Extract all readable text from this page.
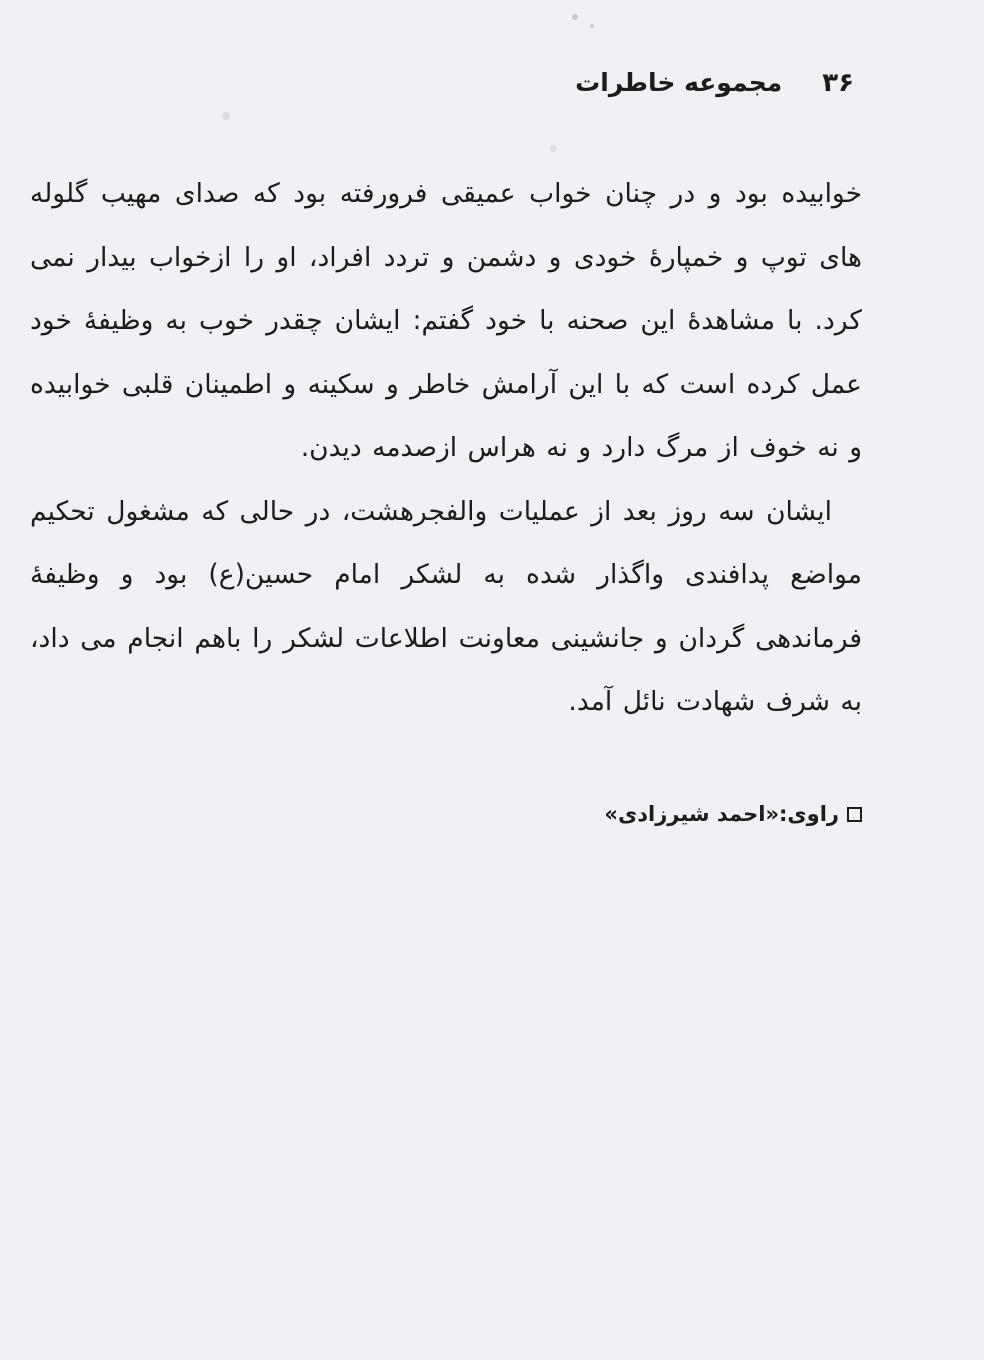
۳۶
مجموعه خاطرات

خوابیده بود و در چنان خواب عمیقی فرورفته بود که صدای مهیب گلوله های توپ و خمپارهٔ خودی و دشمن و تردد افراد، او را ازخواب بیدار نمی کرد. با مشاهدهٔ این صحنه با خود گفتم: ایشان چقدر خوب به وظیفهٔ خود عمل کرده است که با این آرامش خاطر و سکینه و اطمینان قلبی خوابیده و نه خوف از مرگ دارد و نه هراس ازصدمه دیدن.

ایشان سه روز بعد از عملیات والفجرهشت، در حالی که مشغول تحکیم مواضع پدافندی واگذار شده به لشکر امام حسین(ع) بود و وظیفهٔ فرماندهی گردان و جانشینی معاونت اطلاعات لشکر را باهم انجام می داد، به شرف شهادت نائل آمد.

راوی:«احمد شیرزادی»
